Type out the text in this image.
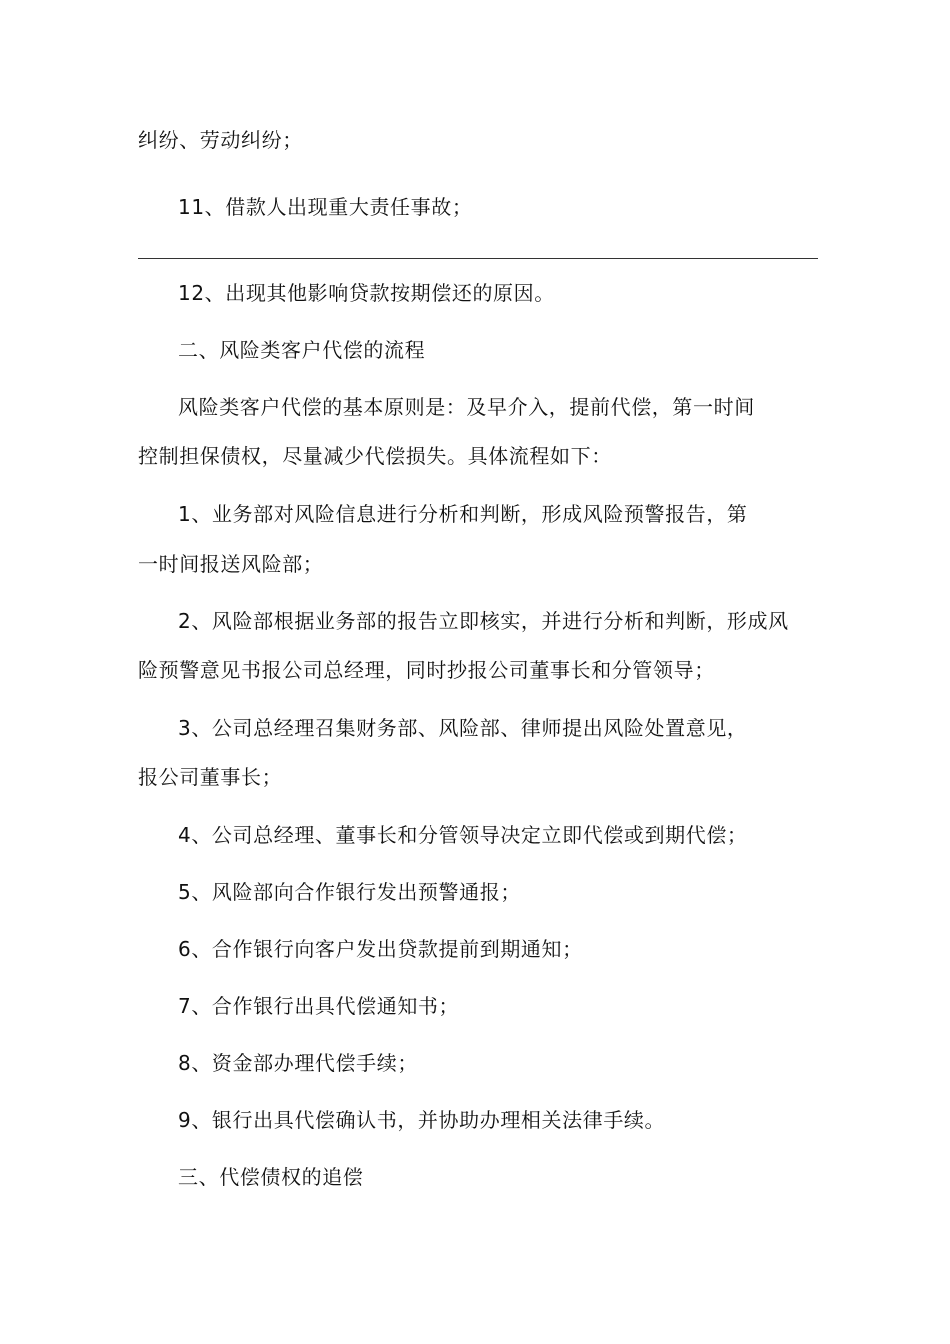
纠纷、劳动纠纷；
11、借款人出现重大责任事故；
12、出现其他影响贷款按期偿还的原因。
二、风险类客户代偿的流程
风险类客户代偿的基本原则是：及早介入，提前代偿，第一时间
控制担保债权，尽量减少代偿损失。具体流程如下：
1、业务部对风险信息进行分析和判断，形成风险预警报告，第
一时间报送风险部；
2、风险部根据业务部的报告立即核实，并进行分析和判断，形成风
险预警意见书报公司总经理，同时抄报公司董事长和分管领导；
3、公司总经理召集财务部、风险部、律师提出风险处置意见，
报公司董事长；
4、公司总经理、董事长和分管领导决定立即代偿或到期代偿；
5、风险部向合作银行发出预警通报；
6、合作银行向客户发出贷款提前到期通知；
7、合作银行出具代偿通知书；
8、资金部办理代偿手续；
9、银行出具代偿确认书，并协助办理相关法律手续。
三、代偿债权的追偿
